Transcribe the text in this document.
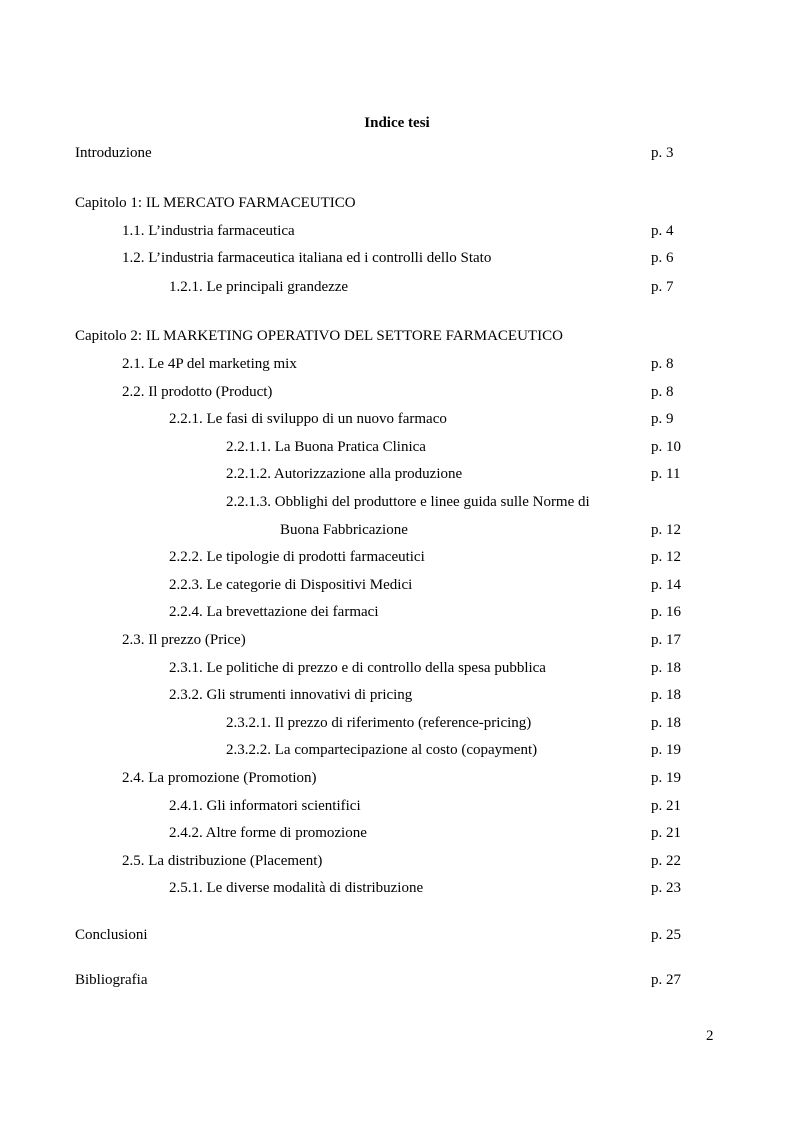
Indice tesi
Introduzione	p. 3
Capitolo 1: IL MERCATO FARMACEUTICO
1.1. L’industria farmaceutica	p. 4
1.2. L’industria farmaceutica italiana ed i controlli dello Stato	p. 6
1.2.1. Le principali grandezze	p. 7
Capitolo 2: IL MARKETING OPERATIVO DEL SETTORE FARMACEUTICO
2.1. Le 4P del marketing mix	p. 8
2.2. Il prodotto (Product)	p. 8
2.2.1. Le fasi di sviluppo di un nuovo farmaco	p. 9
2.2.1.1. La Buona Pratica Clinica	p. 10
2.2.1.2. Autorizzazione alla produzione	p. 11
2.2.1.3. Obblighi del produttore e linee guida sulle Norme di
Buona Fabbricazione	p. 12
2.2.2. Le tipologie di prodotti farmaceutici	p. 12
2.2.3. Le categorie di Dispositivi Medici	p. 14
2.2.4. La brevettazione dei farmaci	p. 16
2.3. Il prezzo (Price)	p. 17
2.3.1. Le politiche di prezzo e di controllo della spesa pubblica	p. 18
2.3.2. Gli strumenti innovativi di pricing	p. 18
2.3.2.1. Il prezzo di riferimento (reference-pricing)	p. 18
2.3.2.2. La compartecipazione al costo (copayment)	p. 19
2.4. La promozione (Promotion)	p. 19
2.4.1. Gli informatori scientifici	p. 21
2.4.2. Altre forme di promozione	p. 21
2.5. La distribuzione (Placement)	p. 22
2.5.1. Le diverse modalità di distribuzione	p. 23
Conclusioni	p. 25
Bibliografia	p. 27
2
